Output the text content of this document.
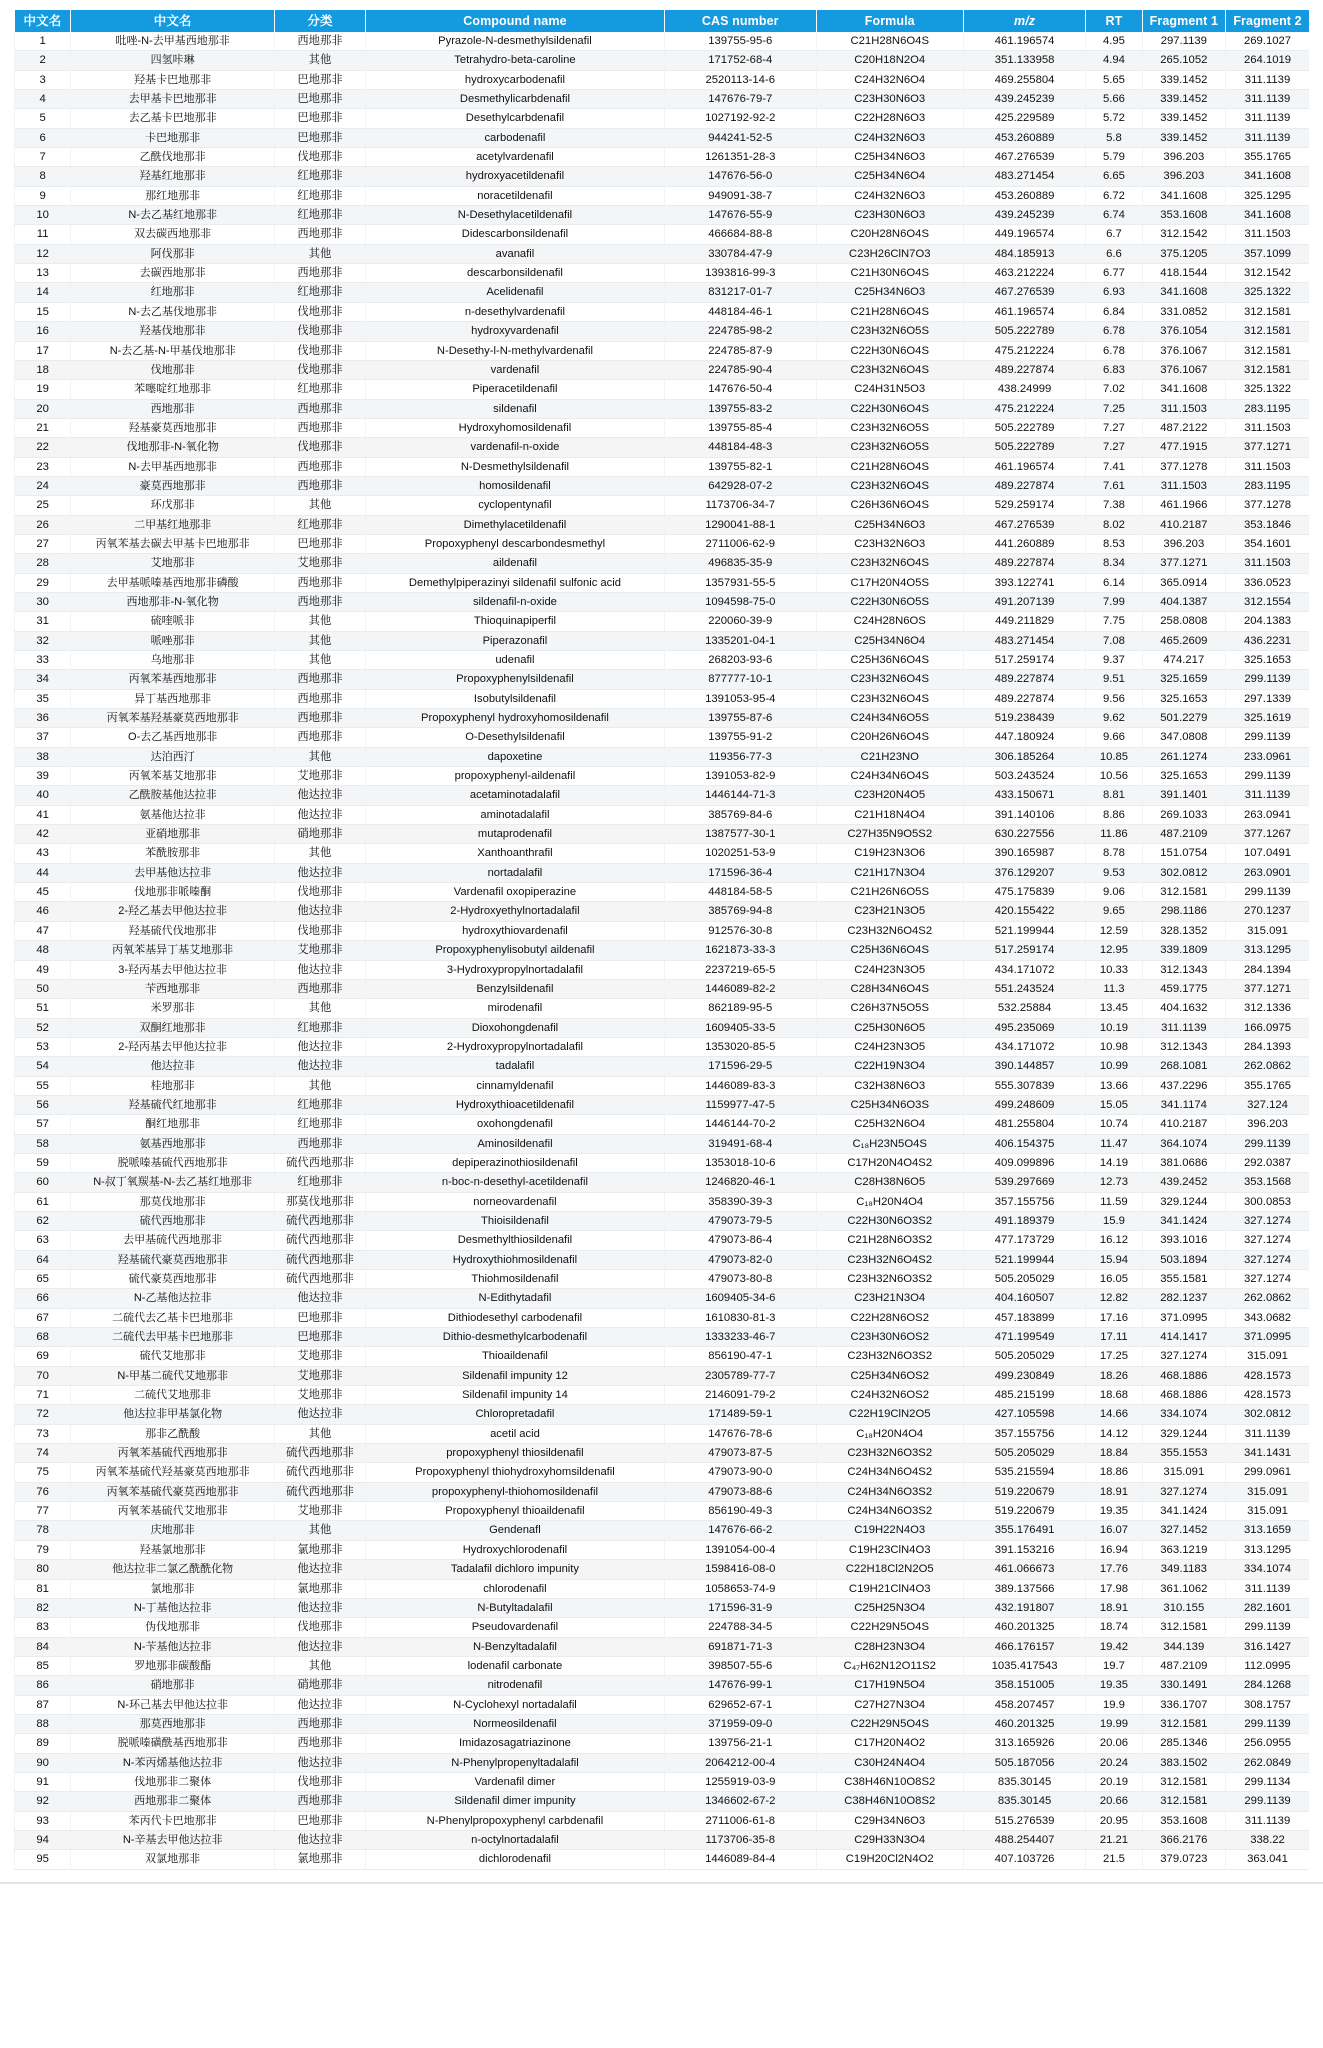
中文名	中文名	分类	Compound name	CAS number	Formula	m/z	RT	Fragment 1	Fragment 2
1	吡唑-N-去甲基西地那非	西地那非	Pyrazole-N-desmethylsildenafil	139755-95-6	C21H28N6O4S	461.196574	4.95	297.1139	269.1027
2	四氢咔琳	其他	Tetrahydro-beta-caroline	171752-68-4	C20H18N2O4	351.133958	4.94	265.1052	264.1019
3	羟基卡巴地那非	巴地那非	hydroxycarbodenafil	2520113-14-6	C24H32N6O4	469.255804	5.65	339.1452	311.1139
4	去甲基卡巴地那非	巴地那非	Desmethylicarbdenafil	147676-79-7	C23H30N6O3	439.245239	5.66	339.1452	311.1139
5	去乙基卡巴地那非	巴地那非	Desethylcarbdenafil	1027192-92-2	C22H28N6O3	425.229589	5.72	339.1452	311.1139
6	卡巴地那非	巴地那非	carbodenafil	944241-52-5	C24H32N6O3	453.260889	5.8	339.1452	311.1139
7	乙酰伐地那非	伐地那非	acetylvardenafil	1261351-28-3	C25H34N6O3	467.276539	5.79	396.203	355.1765
8	羟基红地那非	红地那非	hydroxyacetildenafil	147676-56-0	C25H34N6O4	483.271454	6.65	396.203	341.1608
9	那红地那非	红地那非	noracetildenafil	949091-38-7	C24H32N6O3	453.260889	6.72	341.1608	325.1295
10	N-去乙基红地那非	红地那非	N-Desethylacetildenafil	147676-55-9	C23H30N6O3	439.245239	6.74	353.1608	341.1608
11	双去碳西地那非	西地那非	Didescarbonsildenafil	466684-88-8	C20H28N6O4S	449.196574	6.7	312.1542	311.1503
12	阿伐那非	其他	avanafil	330784-47-9	C23H26ClN7O3	484.185913	6.6	375.1205	357.1099
13	去碳西地那非	西地那非	descarbonsildenafil	1393816-99-3	C21H30N6O4S	463.212224	6.77	418.1544	312.1542
14	红地那非	红地那非	Acelidenafil	831217-01-7	C25H34N6O3	467.276539	6.93	341.1608	325.1322
15	N-去乙基伐地那非	伐地那非	n-desethylvardenafil	448184-46-1	C21H28N6O4S	461.196574	6.84	331.0852	312.1581
16	羟基伐地那非	伐地那非	hydroxyvardenafil	224785-98-2	C23H32N6O5S	505.222789	6.78	376.1054	312.1581
17	N-去乙基-N-甲基伐地那非	伐地那非	N-Desethy-l-N-methylvardenafil	224785-87-9	C22H30N6O4S	475.212224	6.78	376.1067	312.1581
18	伐地那非	伐地那非	vardenafil	224785-90-4	C23H32N6O4S	489.227874	6.83	376.1067	312.1581
19	苯噻啶红地那非	红地那非	Piperacetildenafil	147676-50-4	C24H31N5O3	438.24999	7.02	341.1608	325.1322
20	西地那非	西地那非	sildenafil	139755-83-2	C22H30N6O4S	475.212224	7.25	311.1503	283.1195
21	羟基豪莫西地那非	西地那非	Hydroxyhomosildenafil	139755-85-4	C23H32N6O5S	505.222789	7.27	487.2122	311.1503
22	伐地那非-N-氧化物	伐地那非	vardenafil-n-oxide	448184-48-3	C23H32N6O5S	505.222789	7.27	477.1915	377.1271
23	N-去甲基西地那非	西地那非	N-Desmethylsildenafil	139755-82-1	C21H28N6O4S	461.196574	7.41	377.1278	311.1503
24	豪莫西地那非	西地那非	homosildenafil	642928-07-2	C23H32N6O4S	489.227874	7.61	311.1503	283.1195
25	环戊那非	其他	cyclopentynafil	1173706-34-7	C26H36N6O4S	529.259174	7.38	461.1966	377.1278
26	二甲基红地那非	红地那非	Dimethylacetildenafil	1290041-88-1	C25H34N6O3	467.276539	8.02	410.2187	353.1846
27	丙氧苯基去碳去甲基卡巴地那非	巴地那非	Propoxyphenyl descarbondesmethyl	2711006-62-9	C23H32N6O3	441.260889	8.53	396.203	354.1601
28	艾地那非	艾地那非	aildenafil	496835-35-9	C23H32N6O4S	489.227874	8.34	377.1271	311.1503
29	去甲基哌嗪基西地那非磷酸	西地那非	Demethylpiperazinyi sildenafil sulfonic acid	1357931-55-5	C17H20N4O5S	393.122741	6.14	365.0914	336.0523
30	西地那非-N-氧化物	西地那非	sildenafil-n-oxide	1094598-75-0	C22H30N6O5S	491.207139	7.99	404.1387	312.1554
31	硫喹哌非	其他	Thioquinapiperfil	220060-39-9	C24H28N6OS	449.211829	7.75	258.0808	204.1383
32	哌唑那非	其他	Piperazonafil	1335201-04-1	C25H34N6O4	483.271454	7.08	465.2609	436.2231
33	乌地那非	其他	udenafil	268203-93-6	C25H36N6O4S	517.259174	9.37	474.217	325.1653
34	丙氧苯基西地那非	西地那非	Propoxyphenylsildenafil	877777-10-1	C23H32N6O4S	489.227874	9.51	325.1659	299.1139
35	异丁基西地那非	西地那非	Isobutylsildenafil	1391053-95-4	C23H32N6O4S	489.227874	9.56	325.1653	297.1339
36	丙氧苯基羟基豪莫西地那非	西地那非	Propoxyphenyl hydroxyhomosildenafil	139755-87-6	C24H34N6O5S	519.238439	9.62	501.2279	325.1619
37	O-去乙基西地那非	西地那非	O-Desethylsildenafil	139755-91-2	C20H26N6O4S	447.180924	9.66	347.0808	299.1139
38	达泊西汀	其他	dapoxetine	119356-77-3	C21H23NO	306.185264	10.85	261.1274	233.0961
39	丙氧苯基艾地那非	艾地那非	propoxyphenyl-aildenafil	1391053-82-9	C24H34N6O4S	503.243524	10.56	325.1653	299.1139
40	乙酰胺基他达拉非	他达拉非	acetaminotadalafil	1446144-71-3	C23H20N4O5	433.150671	8.81	391.1401	311.1139
41	氨基他达拉非	他达拉非	aminotadalafil	385769-84-6	C21H18N4O4	391.140106	8.86	269.1033	263.0941
42	亚硝地那非	硝地那非	mutaprodenafil	1387577-30-1	C27H35N9O5S2	630.227556	11.86	487.2109	377.1267
43	苯酰胺那非	其他	Xanthoanthrafil	1020251-53-9	C19H23N3O6	390.165987	8.78	151.0754	107.0491
44	去甲基他达拉非	他达拉非	nortadalafil	171596-36-4	C21H17N3O4	376.129207	9.53	302.0812	263.0901
45	伐地那非哌嗪酮	伐地那非	Vardenafil oxopiperazine	448184-58-5	C21H26N6O5S	475.175839	9.06	312.1581	299.1139
46	2-羟乙基去甲他达拉非	他达拉非	2-Hydroxyethylnortadalafil	385769-94-8	C23H21N3O5	420.155422	9.65	298.1186	270.1237
47	羟基硫代伐地那非	伐地那非	hydroxythiovardenafil	912576-30-8	C23H32N6O4S2	521.199944	12.59	328.1352	315.091
48	丙氧苯基异丁基艾地那非	艾地那非	Propoxyphenylisobutyl aildenafil	1621873-33-3	C25H36N6O4S	517.259174	12.95	339.1809	313.1295
49	3-羟丙基去甲他达拉非	他达拉非	3-Hydroxypropylnortadalafil	2237219-65-5	C24H23N3O5	434.171072	10.33	312.1343	284.1394
50	苄西地那非	西地那非	Benzylsildenafil	1446089-82-2	C28H34N6O4S	551.243524	11.3	459.1775	377.1271
51	米罗那非	其他	mirodenafil	862189-95-5	C26H37N5O5S	532.25884	13.45	404.1632	312.1336
52	双酮红地那非	红地那非	Dioxohongdenafil	1609405-33-5	C25H30N6O5	495.235069	10.19	311.1139	166.0975
53	2-羟丙基去甲他达拉非	他达拉非	2-Hydroxypropylnortadalafil	1353020-85-5	C24H23N3O5	434.171072	10.98	312.1343	284.1393
54	他达拉非	他达拉非	tadalafil	171596-29-5	C22H19N3O4	390.144857	10.99	268.1081	262.0862
55	桂地那非	其他	cinnamyldenafil	1446089-83-3	C32H38N6O3	555.307839	13.66	437.2296	355.1765
56	羟基硫代红地那非	红地那非	Hydroxythioacetildenafil	1159977-47-5	C25H34N6O3S	499.248609	15.05	341.1174	327.124
57	酮红地那非	红地那非	oxohongdenafil	1446144-70-2	C25H32N6O4	481.255804	10.74	410.2187	396.203
58	氨基西地那非	西地那非	Aminosildenafil	319491-68-4	C₁₈H23N5O4S	406.154375	11.47	364.1074	299.1139
59	脱哌嗪基硫代西地那非	硫代西地那非	depiperazinothiosildenafil	1353018-10-6	C17H20N4O4S2	409.099896	14.19	381.0686	292.0387
60	N-叔丁氧羰基-N-去乙基红地那非	红地那非	n-boc-n-desethyl-acetildenafil	1246820-46-1	C28H38N6O5	539.297669	12.73	439.2452	353.1568
61	那莫伐地那非	那莫伐地那非	norneovardenafil	358390-39-3	C₁₈H20N4O4	357.155756	11.59	329.1244	300.0853
62	硫代西地那非	硫代西地那非	Thioisildenafil	479073-79-5	C22H30N6O3S2	491.189379	15.9	341.1424	327.1274
63	去甲基硫代西地那非	硫代西地那非	Desmethylthiosildenafil	479073-86-4	C21H28N6O3S2	477.173729	16.12	393.1016	327.1274
64	羟基硫代豪莫西地那非	硫代西地那非	Hydroxythiohmosildenafil	479073-82-0	C23H32N6O4S2	521.199944	15.94	503.1894	327.1274
65	硫代豪莫西地那非	硫代西地那非	Thiohmosildenafil	479073-80-8	C23H32N6O3S2	505.205029	16.05	355.1581	327.1274
66	N-乙基他达拉非	他达拉非	N-Edithytadafil	1609405-34-6	C23H21N3O4	404.160507	12.82	282.1237	262.0862
67	二硫代去乙基卡巴地那非	巴地那非	Dithiodesethyl carbodenafil	1610830-81-3	C22H28N6OS2	457.183899	17.16	371.0995	343.0682
68	二硫代去甲基卡巴地那非	巴地那非	Dithio-desmethylcarbodenafil	1333233-46-7	C23H30N6OS2	471.199549	17.11	414.1417	371.0995
69	硫代艾地那非	艾地那非	Thioaildenafil	856190-47-1	C23H32N6O3S2	505.205029	17.25	327.1274	315.091
70	N-甲基二硫代艾地那非	艾地那非	Sildenafil impunity 12	2305789-77-7	C25H34N6OS2	499.230849	18.26	468.1886	428.1573
71	二硫代艾地那非	艾地那非	Sildenafil impunity 14	2146091-79-2	C24H32N6OS2	485.215199	18.68	468.1886	428.1573
72	他达拉非甲基氯化物	他达拉非	Chloropretadafil	171489-59-1	C22H19ClN2O5	427.105598	14.66	334.1074	302.0812
73	那非乙酰酸	其他	acetil acid	147676-78-6	C₁₈H20N4O4	357.155756	14.12	329.1244	311.1139
74	丙氧苯基硫代西地那非	硫代西地那非	propoxyphenyl thiosildenafil	479073-87-5	C23H32N6O3S2	505.205029	18.84	355.1553	341.1431
75	丙氧苯基硫代羟基豪莫西地那非	硫代西地那非	Propoxyphenyl thiohydroxyhomsildenafil	479073-90-0	C24H34N6O4S2	535.215594	18.86	315.091	299.0961
76	丙氧苯基硫代豪莫西地那非	硫代西地那非	propoxyphenyl-thiohomosildenafil	479073-88-6	C24H34N6O3S2	519.220679	18.91	327.1274	315.091
77	丙氧苯基硫代艾地那非	艾地那非	Propoxyphenyl thioaildenafil	856190-49-3	C24H34N6O3S2	519.220679	19.35	341.1424	315.091
78	庆地那非	其他	Gendenafl	147676-66-2	C19H22N4O3	355.176491	16.07	327.1452	313.1659
79	羟基氯地那非	氯地那非	Hydroxychlorodenafil	1391054-00-4	C19H23ClN4O3	391.153216	16.94	363.1219	313.1295
80	他达拉非二氯乙酰酰化物	他达拉非	Tadalafil dichloro impunity	1598416-08-0	C22H18Cl2N2O5	461.066673	17.76	349.1183	334.1074
81	氯地那非	氯地那非	chlorodenafil	1058653-74-9	C19H21ClN4O3	389.137566	17.98	361.1062	311.1139
82	N-丁基他达拉非	他达拉非	N-Butyltadalafil	171596-31-9	C25H25N3O4	432.191807	18.91	310.155	282.1601
83	伪伐地那非	伐地那非	Pseudovardenafil	224788-34-5	C22H29N5O4S	460.201325	18.74	312.1581	299.1139
84	N-苄基他达拉非	他达拉非	N-Benzyltadalafil	691871-71-3	C28H23N3O4	466.176157	19.42	344.139	316.1427
85	罗地那非碳酸酯	其他	lodenafil carbonate	398507-55-6	C₄₇H62N12O11S2	1035.417543	19.7	487.2109	112.0995
86	硝地那非	硝地那非	nitrodenafil	147676-99-1	C17H19N5O4	358.151005	19.35	330.1491	284.1268
87	N-环己基去甲他达拉非	他达拉非	N-Cyclohexyl nortadalafil	629652-67-1	C27H27N3O4	458.207457	19.9	336.1707	308.1757
88	那莫西地那非	西地那非	Normeosildenafil	371959-09-0	C22H29N5O4S	460.201325	19.99	312.1581	299.1139
89	脱哌嗪磺酰基西地那非	西地那非	Imidazosagatriazinone	139756-21-1	C17H20N4O2	313.165926	20.06	285.1346	256.0955
90	N-苯丙烯基他达拉非	他达拉非	N-Phenylpropenyltadalafil	2064212-00-4	C30H24N4O4	505.187056	20.24	383.1502	262.0849
91	伐地那非二聚体	伐地那非	Vardenafil dimer	1255919-03-9	C38H46N10O8S2	835.30145	20.19	312.1581	299.1134
92	西地那非二聚体	西地那非	Sildenafil dimer impunity	1346602-67-2	C38H46N10O8S2	835.30145	20.66	312.1581	299.1139
93	苯丙代卡巴地那非	巴地那非	N-Phenylpropoxyphenyl carbdenafil	2711006-61-8	C29H34N6O3	515.276539	20.95	353.1608	311.1139
94	N-辛基去甲他达拉非	他达拉非	n-octylnortadalafil	1173706-35-8	C29H33N3O4	488.254407	21.21	366.2176	338.22
95	双氯地那非	氯地那非	dichlorodenafil	1446089-84-4	C19H20Cl2N4O2	407.103726	21.5	379.0723	363.041
